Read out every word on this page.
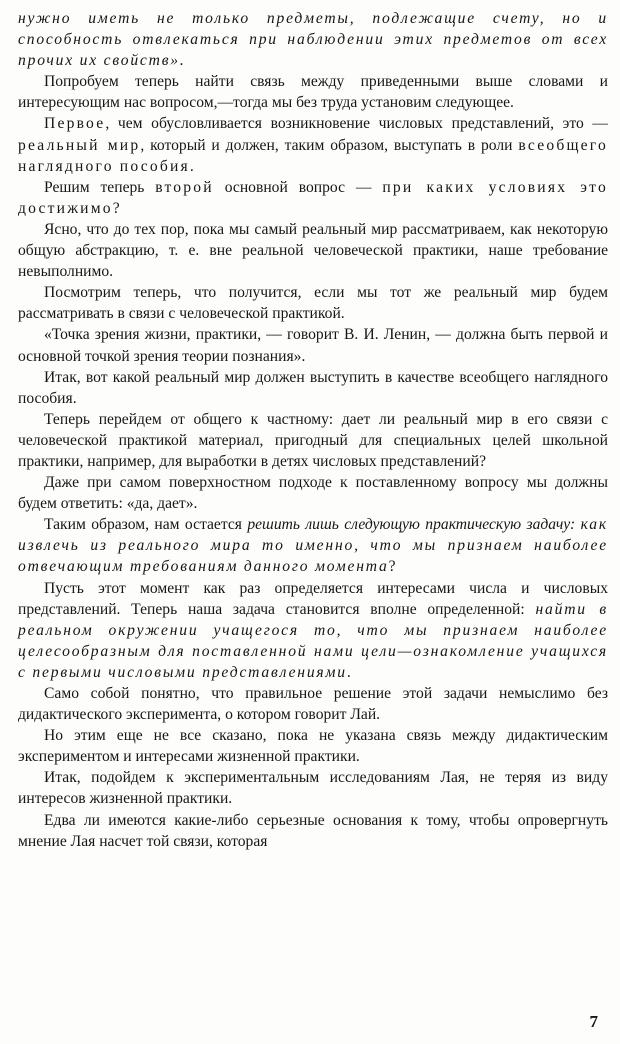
нужно иметь не только предметы, подлежащие счету, но и способность отвлекаться при наблюдении этих предметов от всех прочих их свойств».

Попробуем теперь найти связь между приведенными выше словами и интересующим нас вопросом,—тогда мы без труда установим следующее.

Первое, чем обусловливается возникновение числовых представлений, это — реальный мир, который и должен, таким образом, выступать в роли всеобщего наглядного пособия.

Решим теперь второй основной вопрос — при каких условиях это достижимо?

Ясно, что до тех пор, пока мы самый реальный мир рассматриваем, как некоторую общую абстракцию, т. е. вне реальной человеческой практики, наше требование невыполнимо.

Посмотрим теперь, что получится, если мы тот же реальный мир будем рассматривать в связи с человеческой практикой.

«Точка зрения жизни, практики, — говорит В. И. Ленин, — должна быть первой и основной точкой зрения теории познания».

Итак, вот какой реальный мир должен выступить в качестве всеобщего наглядного пособия.

Теперь перейдем от общего к частному: дает ли реальный мир в его связи с человеческой практикой материал, пригодный для специальных целей школьной практики, например, для выработки в детях числовых представлений?

Даже при самом поверхностном подходе к поставленному вопросу мы должны будем ответить: «да, дает».

Таким образом, нам остается решить лишь следующую практическую задачу: как извлечь из реального мира то именно, что мы признаем наиболее отвечающим требованиям данного момента?

Пусть этот момент как раз определяется интересами числа и числовых представлений. Теперь наша задача становится вполне определенной: найти в реальном окружении учащегося то, что мы признаем наиболее целесообразным для поставленной нами цели—ознакомление учащихся с первыми числовыми представлениями.

Само собой понятно, что правильное решение этой задачи немыслимо без дидактического эксперимента, о котором говорит Лай.

Но этим еще не все сказано, пока не указана связь между дидактическим экспериментом и интересами жизненной практики.

Итак, подойдем к экспериментальным исследованиям Лая, не теряя из виду интересов жизненной практики.

Едва ли имеются какие-либо серьезные основания к тому, чтобы опровергнуть мнение Лая насчет той связи, которая

7
